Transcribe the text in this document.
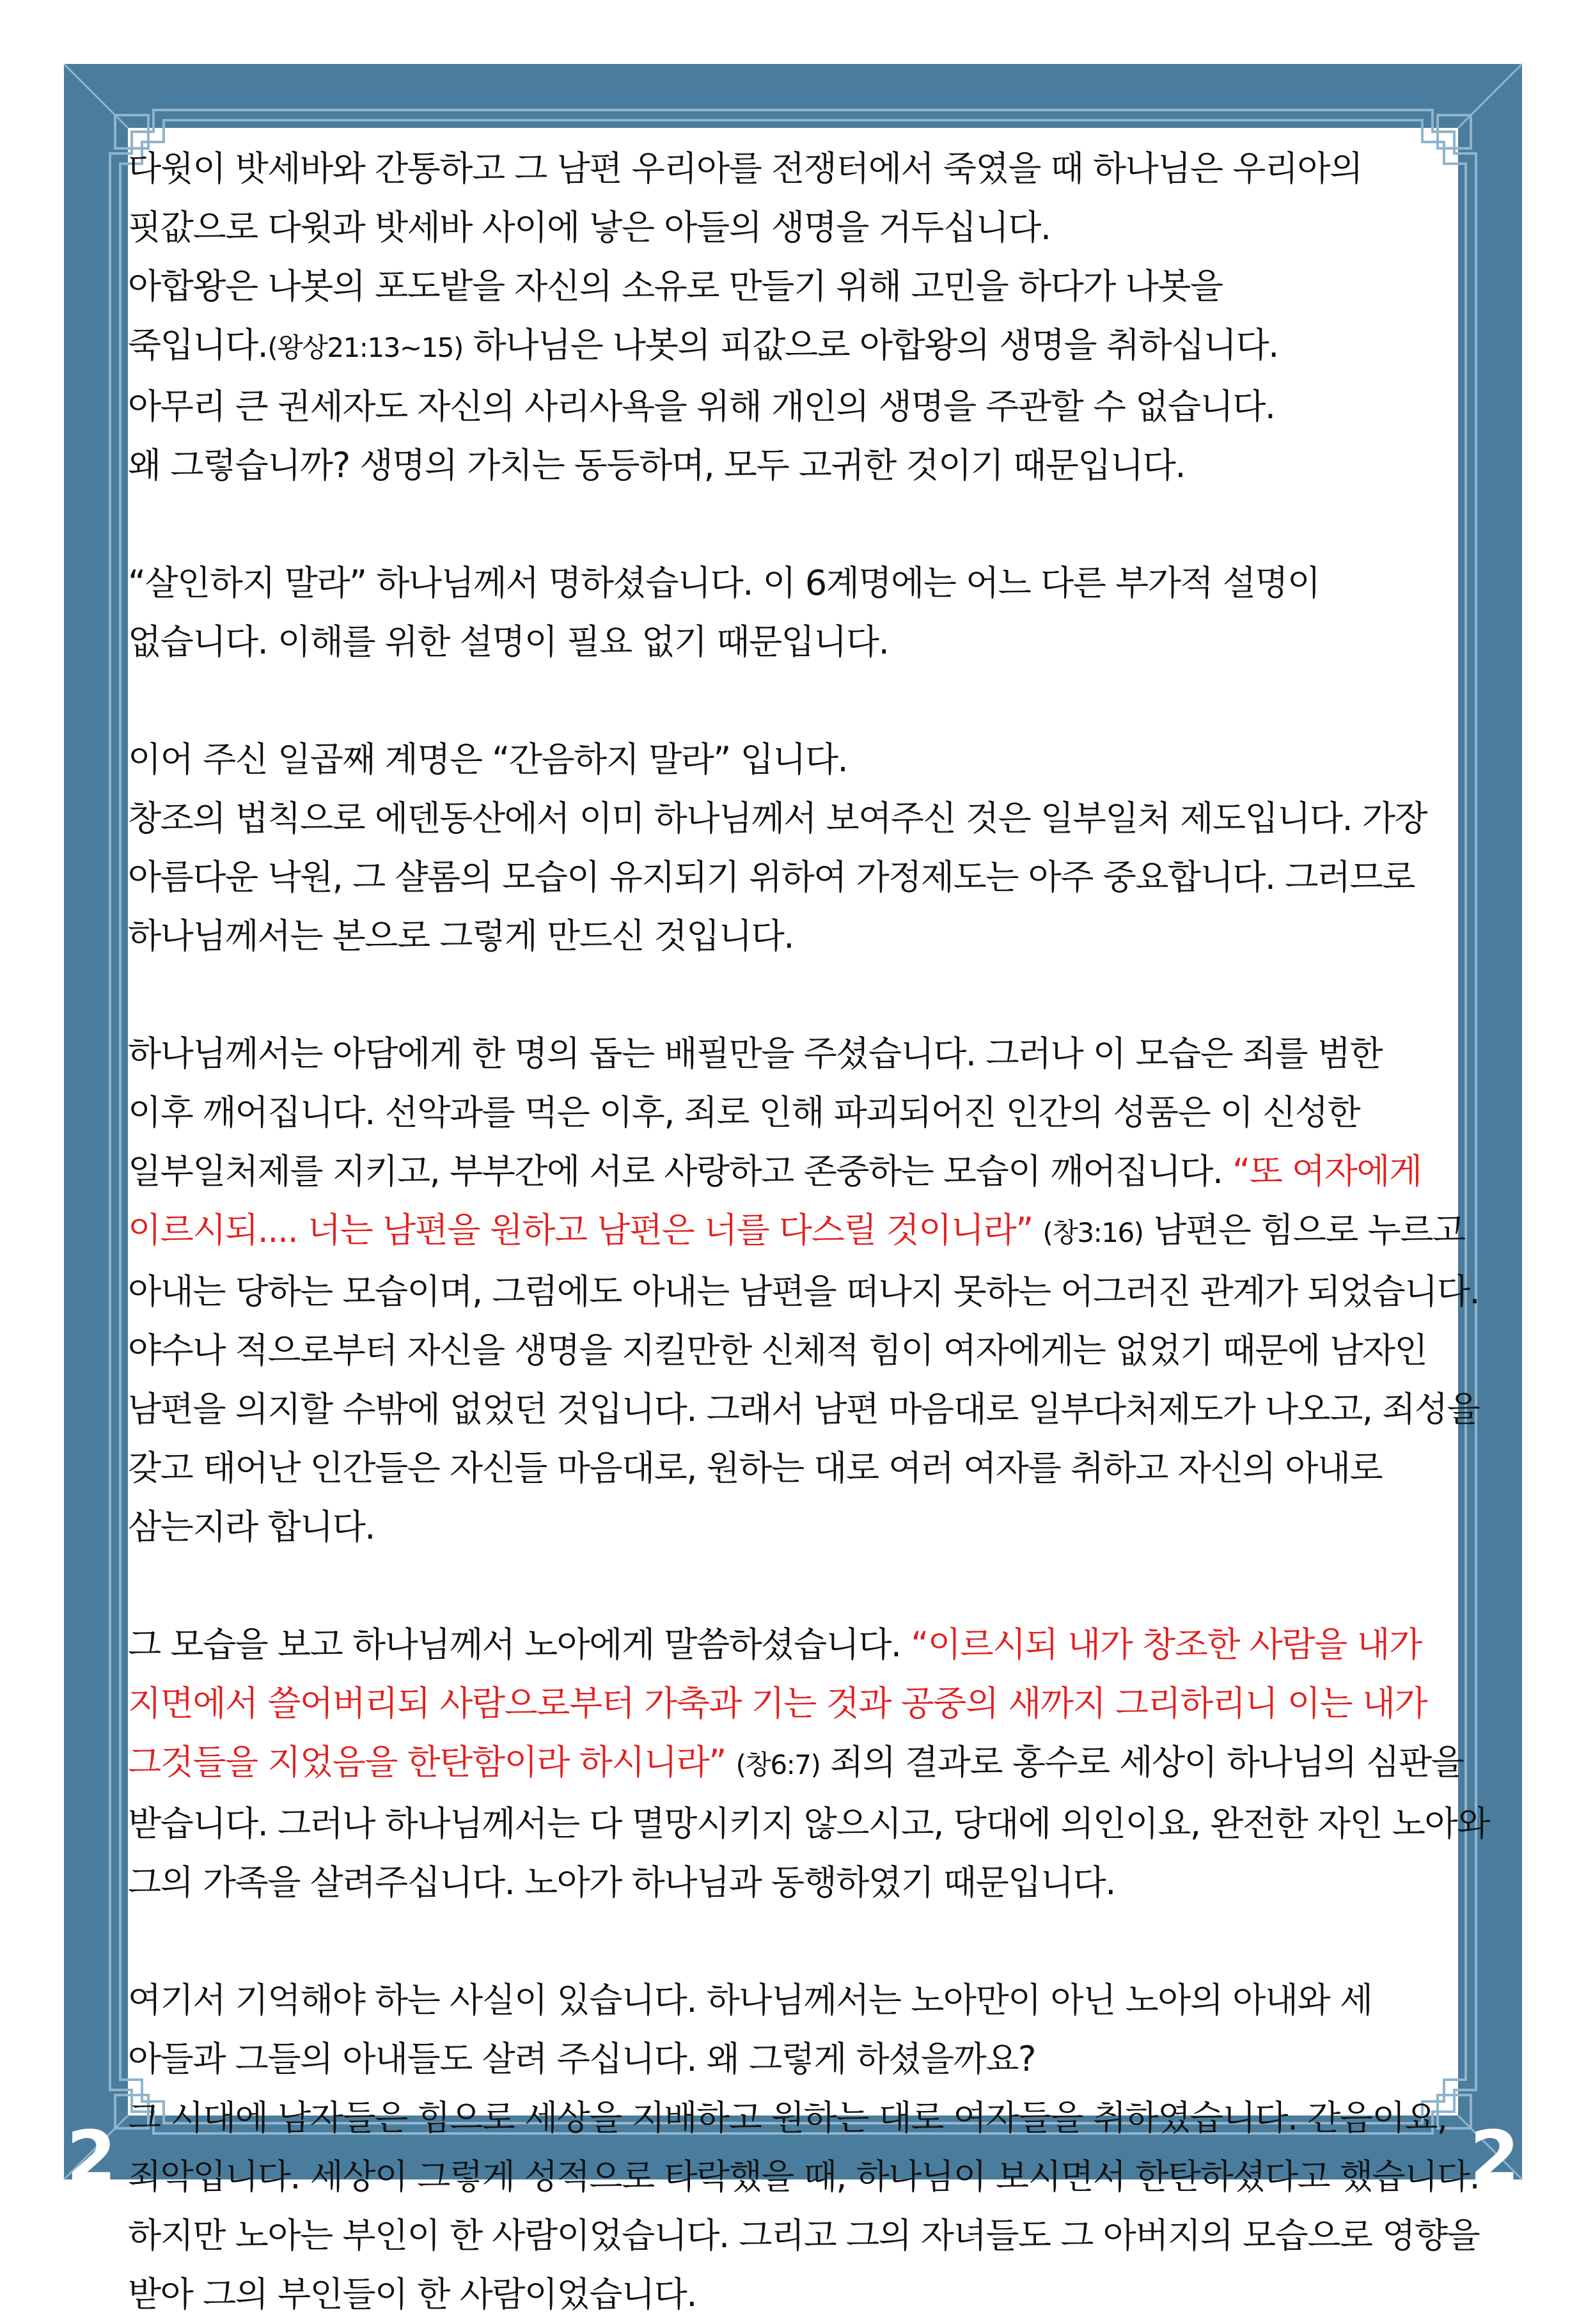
2	2
다윗이 밧세바와 간통하고 그 남편 우리아를 전쟁터에서 죽였을 때 하나님은 우리아의
핏값으로 다윗과 밧세바 사이에 낳은 아들의 생명을 거두십니다.
아합왕은 나봇의 포도밭을 자신의 소유로 만들기 위해 고민을 하다가 나봇을
죽입니다.(왕상21:13~15) 하나님은 나봇의 피값으로 아합왕의 생명을 취하십니다.
아무리 큰 권세자도 자신의 사리사욕을 위해 개인의 생명을 주관할 수 없습니다.
왜 그렇습니까? 생명의 가치는 동등하며, 모두 고귀한 것이기 때문입니다.
“살인하지 말라” 하나님께서 명하셨습니다. 이 6계명에는 어느 다른 부가적 설명이
없습니다. 이해를 위한 설명이 필요 없기 때문입니다.
이어 주신 일곱째 계명은 “간음하지 말라” 입니다.
창조의 법칙으로 에덴동산에서 이미 하나님께서 보여주신 것은 일부일처 제도입니다. 가장
아름다운 낙원, 그 샬롬의 모습이 유지되기 위하여 가정제도는 아주 중요합니다. 그러므로
하나님께서는 본으로 그렇게 만드신 것입니다.
하나님께서는 아담에게 한 명의 돕는 배필만을 주셨습니다. 그러나 이 모습은 죄를 범한
이후 깨어집니다. 선악과를 먹은 이후, 죄로 인해 파괴되어진 인간의 성품은 이 신성한
일부일처제를 지키고, 부부간에 서로 사랑하고 존중하는 모습이 깨어집니다. “또 여자에게
이르시되.... 너는 남편을 원하고 남편은 너를 다스릴 것이니라” (창3:16) 남편은 힘으로 누르고
아내는 당하는 모습이며, 그럼에도 아내는 남편을 떠나지 못하는 어그러진 관계가 되었습니다.
야수나 적으로부터 자신을 생명을 지킬만한 신체적 힘이 여자에게는 없었기 때문에 남자인
남편을 의지할 수밖에 없었던 것입니다. 그래서 남편 마음대로 일부다처제도가 나오고, 죄성을
갖고 태어난 인간들은 자신들 마음대로, 원하는 대로 여러 여자를 취하고 자신의 아내로
삼는지라 합니다.
그 모습을 보고 하나님께서 노아에게 말씀하셨습니다. “이르시되 내가 창조한 사람을 내가
지면에서 쓸어버리되 사람으로부터 가축과 기는 것과 공중의 새까지 그리하리니 이는 내가
그것들을 지었음을 한탄함이라 하시니라” (창6:7) 죄의 결과로 홍수로 세상이 하나님의 심판을
받습니다. 그러나 하나님께서는 다 멸망시키지 않으시고, 당대에 의인이요, 완전한 자인 노아와
그의 가족을 살려주십니다. 노아가 하나님과 동행하였기 때문입니다.
여기서 기억해야 하는 사실이 있습니다. 하나님께서는 노아만이 아닌 노아의 아내와 세
아들과 그들의 아내들도 살려 주십니다. 왜 그렇게 하셨을까요?
그 시대에 남자들은 힘으로 세상을 지배하고 원하는 대로 여자들을 취하였습니다. 간음이요,
죄악입니다. 세상이 그렇게 성적으로 타락했을 때, 하나님이 보시면서 한탄하셨다고 했습니다.
하지만 노아는 부인이 한 사람이었습니다. 그리고 그의 자녀들도 그 아버지의 모습으로 영향을
받아 그의 부인들이 한 사람이었습니다.
